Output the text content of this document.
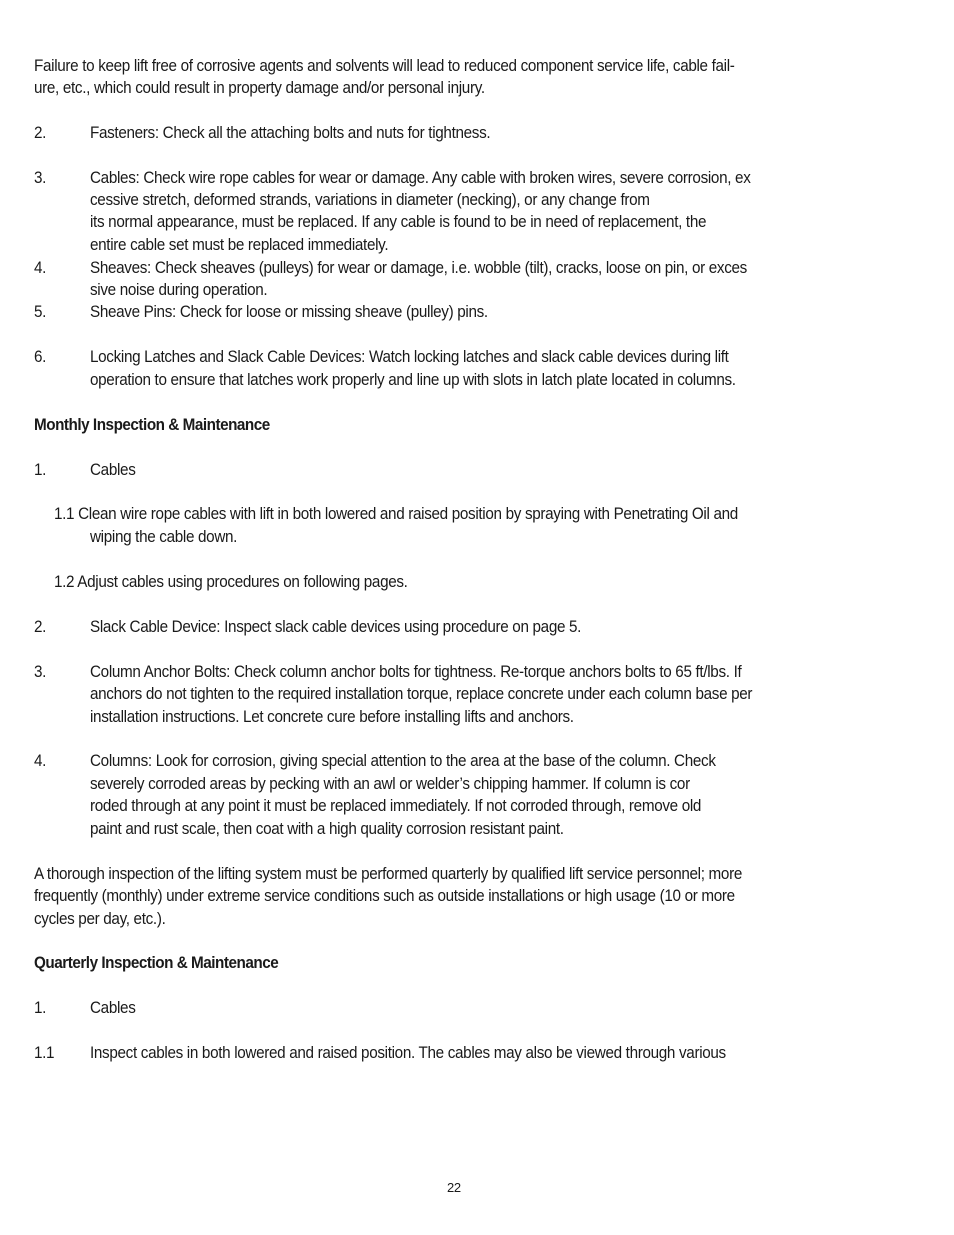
Failure to keep lift free of corrosive agents and solvents will lead to reduced component service life, cable fail-
ure, etc., which could result in property damage and/or personal injury.
2.	Fasteners: Check all the attaching bolts and nuts for tightness.
3.	Cables: Check wire rope cables for wear or damage. Any cable with broken wires, severe corrosion, ex
cessive stretch, deformed strands, variations in diameter (necking), or any change from
its normal appearance, must be replaced. If any cable is found to be in need of replacement, the
entire cable set must be replaced immediately.
4.	Sheaves: Check sheaves (pulleys) for wear or damage, i.e. wobble (tilt), cracks, loose on pin, or exces
sive noise during operation.
5.	Sheave Pins: Check for loose or missing sheave (pulley) pins.
6.	Locking Latches and Slack Cable Devices: Watch locking latches and slack cable devices during lift
operation to ensure that latches work properly and line up with slots in latch plate located in columns.
Monthly Inspection & Maintenance
1.	Cables
1.1 Clean wire rope cables with lift in both lowered and raised position by spraying with Penetrating Oil and
wiping the cable down.
1.2 Adjust cables using procedures on following pages.
2.	Slack Cable Device: Inspect slack cable devices using procedure on page 5.
3.	Column Anchor Bolts: Check column anchor bolts for tightness. Re-torque anchors bolts to 65 ft/lbs. If
anchors do not tighten to the required installation torque, replace concrete under each column base per
installation instructions. Let concrete cure before installing lifts and anchors.
4.	Columns: Look for corrosion, giving special attention to the area at the base of the column. Check
severely corroded areas by pecking with an awl or welder’s chipping hammer. If column is cor
roded through at any point it must be replaced immediately. If not corroded through, remove old
paint and rust scale, then coat with a high quality corrosion resistant paint.
A thorough inspection of the lifting system must be performed quarterly by qualified lift service personnel; more
frequently (monthly) under extreme service conditions such as outside installations or high usage (10 or more
cycles per day, etc.).
Quarterly Inspection & Maintenance
1.	Cables
1.1 Inspect cables in both lowered and raised position. The cables may also be viewed through various
22
